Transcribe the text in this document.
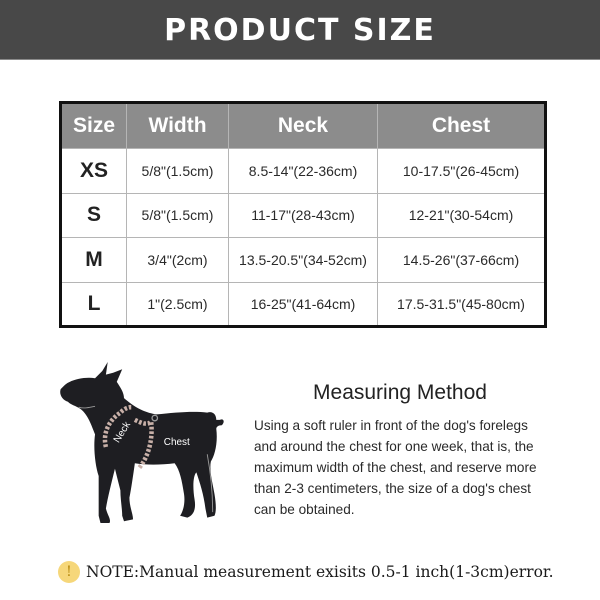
PRODUCT SIZE
Size	Width	Neck	Chest
XS	5/8"(1.5cm)	8.5-14"(22-36cm)	10-17.5"(26-45cm)
S	5/8"(1.5cm)	11-17"(28-43cm)	12-21"(30-54cm)
M	3/4"(2cm)	13.5-20.5"(34-52cm)	14.5-26"(37-66cm)
L	1"(2.5cm)	16-25"(41-64cm)	17.5-31.5"(45-80cm)
Neck	Chest
Measuring Method
Using a soft ruler in front of the dog's forelegs and around the chest for one week, that is, the maximum width of the chest, and reserve more than 2-3 centimeters, the size of a dog's chest can be obtained.
! NOTE:Manual measurement exisits 0.5-1 inch(1-3cm)error.
